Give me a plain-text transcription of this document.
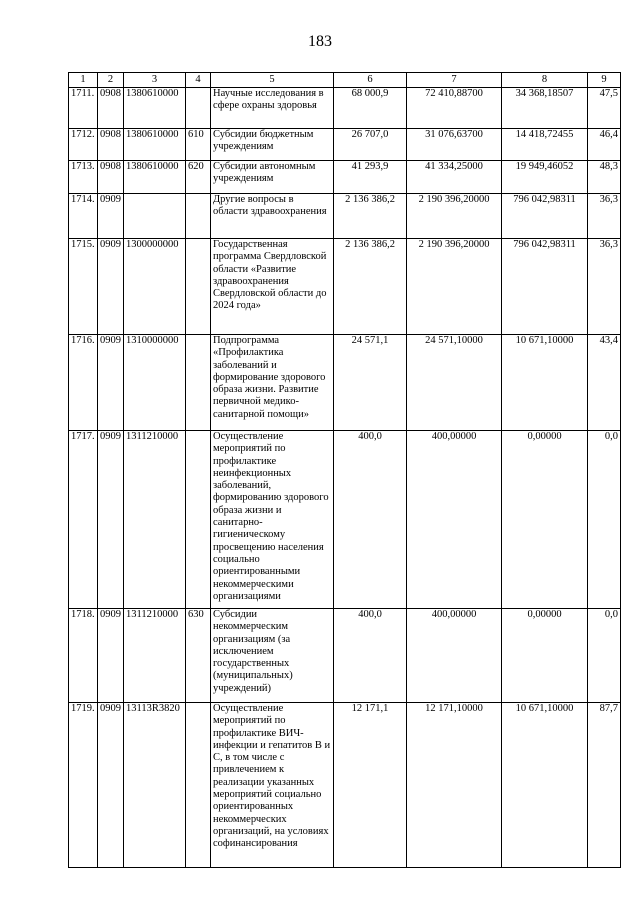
183
1	2	3	4	5	6	7	8	9
1711.	0908	1380610000		Научные исследования в сфере охраны здоровья	68 000,9	72 410,88700	34 368,18507	47,5
1712.	0908	1380610000	610	Субсидии бюджетным учреждениям	26 707,0	31 076,63700	14 418,72455	46,4
1713.	0908	1380610000	620	Субсидии автономным учреждениям	41 293,9	41 334,25000	19 949,46052	48,3
1714.	0909			Другие вопросы в области здравоохранения	2 136 386,2	2 190 396,20000	796 042,98311	36,3
1715.	0909	1300000000		Государственная программа Свердловской области «Развитие здравоохранения Свердловской области до 2024 года»	2 136 386,2	2 190 396,20000	796 042,98311	36,3
1716.	0909	1310000000		Подпрограмма «Профилактика заболеваний и формирование здорового образа жизни. Развитие первичной медико-санитарной помощи»	24 571,1	24 571,10000	10 671,10000	43,4
1717.	0909	1311210000		Осуществление мероприятий по профилактике неинфекционных заболеваний, формированию здорового образа жизни и санитарно-гигиеническому просвещению населения социально ориентированными некоммерческими организациями	400,0	400,00000	0,00000	0,0
1718.	0909	1311210000	630	Субсидии некоммерческим организациям (за исключением государственных (муниципальных) учреждений)	400,0	400,00000	0,00000	0,0
1719.	0909	13113R3820		Осуществление мероприятий по профилактике ВИЧ-инфекции и гепатитов В и С, в том числе с привлечением к реализации указанных мероприятий социально ориентированных некоммерческих организаций, на условиях софинансирования	12 171,1	12 171,10000	10 671,10000	87,7
